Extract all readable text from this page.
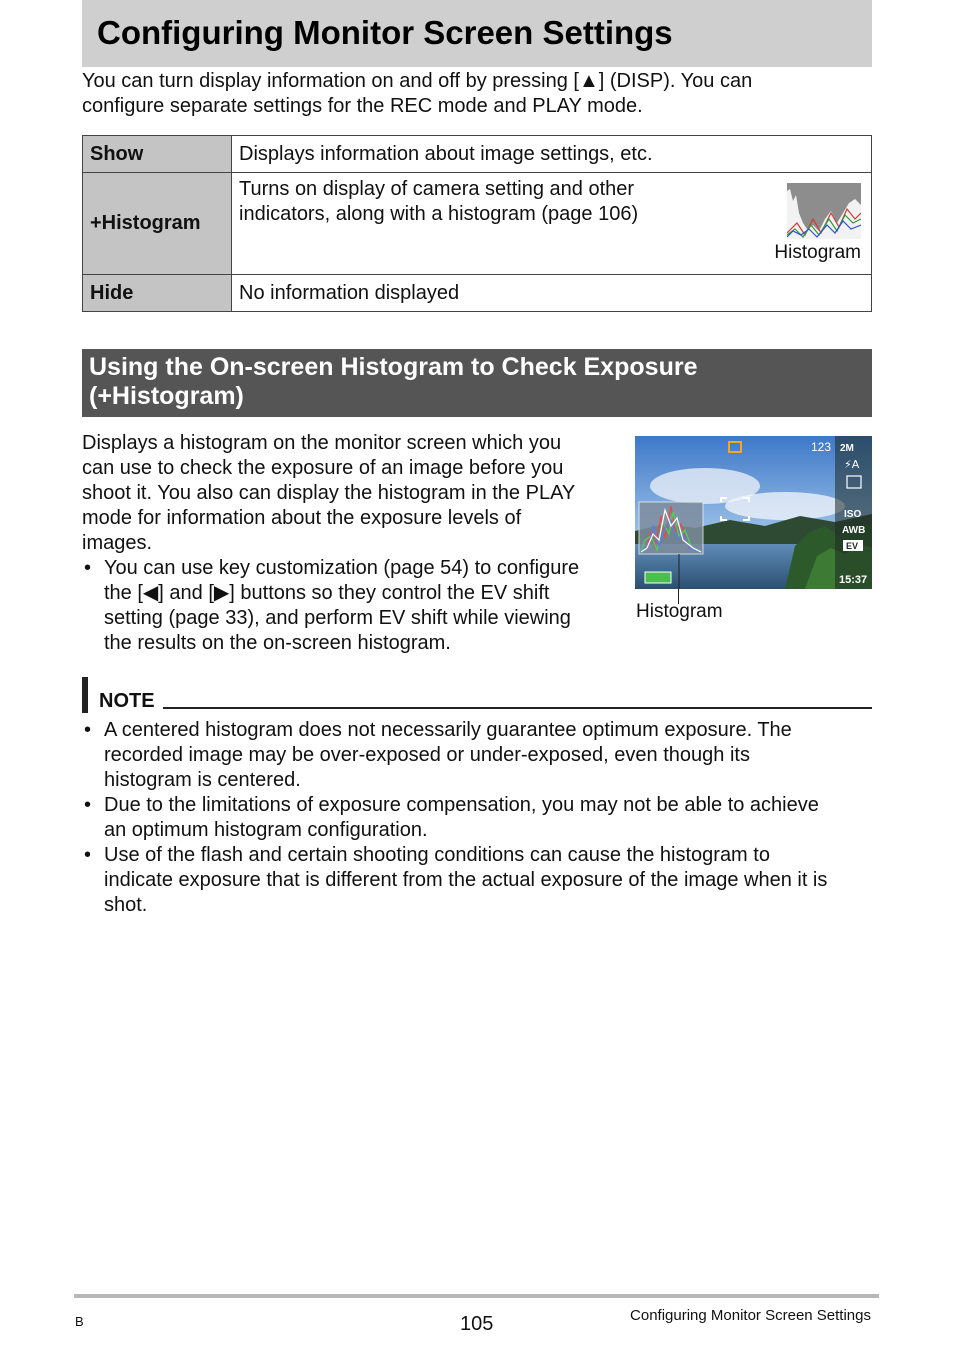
Configuring Monitor Screen Settings
You can turn display information on and off by pressing [▲] (DISP). You can
configure separate settings for the REC mode and PLAY mode.
Show	Displays information about image settings, etc.
+Histogram	Turns on display of camera setting and other
indicators, along with a histogram (page 106)
Histogram

Hide	No information displayed
Using the On-screen Histogram to Check Exposure
(+Histogram)
Displays a histogram on the monitor screen which you
can use to check the exposure of an image before you
shoot it. You also can display the histogram in the PLAY
mode for information about the exposure levels of
images.
• You can use key customization (page 54) to configure
the [◀] and [▶] buttons so they control the EV shift
setting (page 33), and perform EV shift while viewing
the results on the on-screen histogram.
123 2M
⚡A
ISO
AWB
EV
15:37
Histogram
NOTE
• A centered histogram does not necessarily guarantee optimum exposure. The
recorded image may be over-exposed or under-exposed, even though its
histogram is centered.
• Due to the limitations of exposure compensation, you may not be able to achieve
an optimum histogram configuration.
• Use of the flash and certain shooting conditions can cause the histogram to
indicate exposure that is different from the actual exposure of the image when it is
shot.
B	105	Configuring Monitor Screen Settings
